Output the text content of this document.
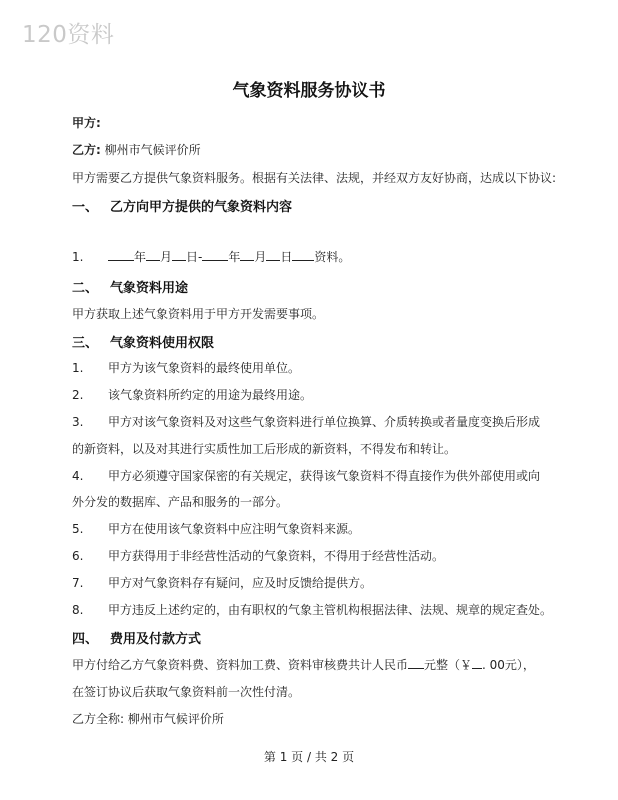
120资料
气象资料服务协议书
甲方:
乙方: 柳州市气候评价所
甲方需要乙方提供气象资料服务。根据有关法律、法规，并经双方友好协商，达成以下协议:
一、 乙方向甲方提供的气象资料内容
1.	年 月 日- 年 月 日 资料。
二、 气象资料用途
甲方获取上述气象资料用于甲方开发需要事项。
三、 气象资料使用权限
1. 甲方为该气象资料的最终使用单位。
2. 该气象资料所约定的用途为最终用途。
3. 甲方对该气象资料及对这些气象资料进行单位换算、介质转换或者量度变换后形成
的新资料，以及对其进行实质性加工后形成的新资料，不得发布和转让。
4. 甲方必须遵守国家保密的有关规定，获得该气象资料不得直接作为供外部使用或向
外分发的数据库、产品和服务的一部分。
5. 甲方在使用该气象资料中应注明气象资料来源。
6. 甲方获得用于非经营性活动的气象资料，不得用于经营性活动。
7. 甲方对气象资料存有疑问，应及时反馈给提供方。
8. 甲方违反上述约定的，由有职权的气象主管机构根据法律、法规、规章的规定查处。
四、 费用及付款方式
甲方付给乙方气象资料费、资料加工费、资料审核费共计人民币 元整（￥ . 00元），
在签订协议后获取气象资料前一次性付清。
乙方全称: 柳州市气候评价所
第 1 页 / 共 2 页
